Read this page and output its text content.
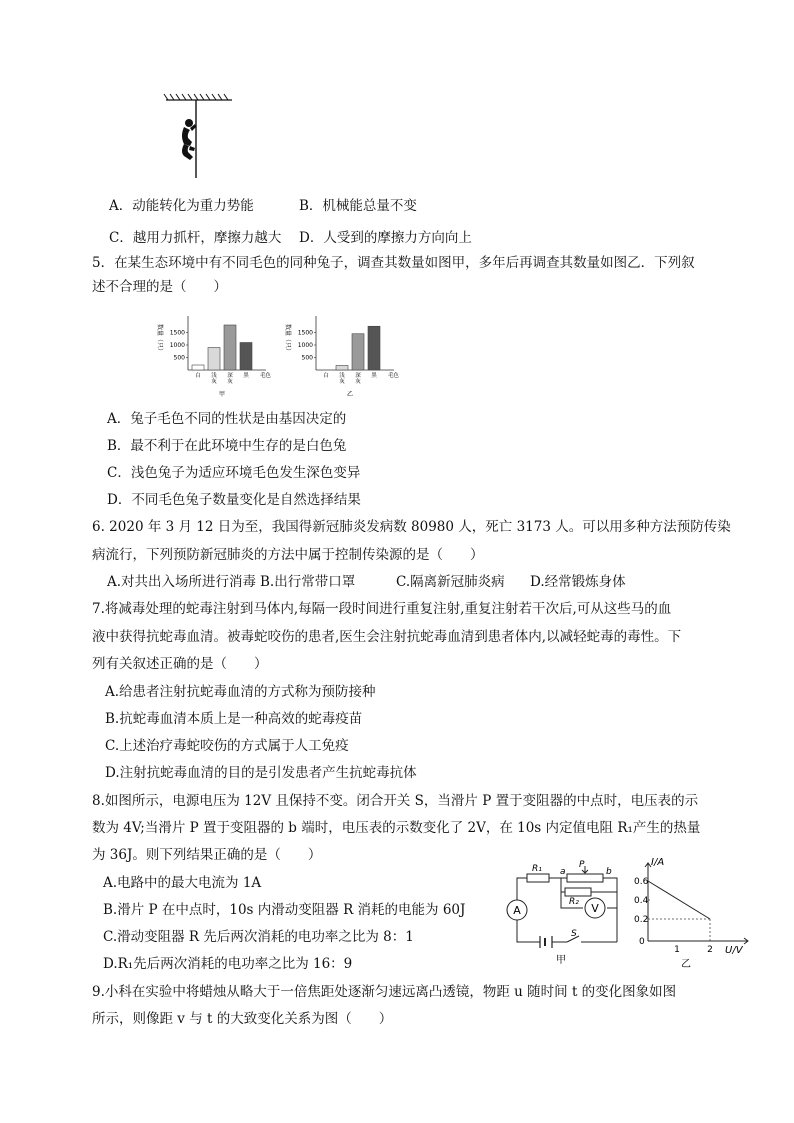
A．动能转化为重力势能	B．机械能总量不变
C．越用力抓杆，摩擦力越大 D．人受到的摩擦力方向向上
5．在某生态环境中有不同毛色的同种兔子，调查其数量如图甲，多年后再调查其数量如图乙．下列叙
述不合理的是（　　）
数量（只） 1500
1000
500
白 浅
灰
深
灰
黑 毛色
甲
数量（只） 1500
1000
500
白 浅
灰
深
灰
黑 毛色
乙
A．兔子毛色不同的性状是由基因决定的
B．最不利于在此环境中生存的是白色兔
C．浅色兔子为适应环境毛色发生深色变异
D．不同毛色兔子数量变化是自然选择结果
6. 2020 年 3 月 12 日为至，我国得新冠肺炎发病数 80980 人，死亡 3173 人。可以用多种方法预防传染
病流行，下列预防新冠肺炎的方法中属于控制传染源的是（　　）
A.对共出入场所进行消毒 B.出行常带口罩	C.隔离新冠肺炎病 D.经常锻炼身体
7.将减毒处理的蛇毒注射到马体内,每隔一段时间进行重复注射,重复注射若干次后,可从这些马的血
液中获得抗蛇毒血清。被毒蛇咬伤的患者,医生会注射抗蛇毒血清到患者体内,以减轻蛇毒的毒性。下
列有关叙述正确的是（　　）
A.给患者注射抗蛇毒血清的方式称为预防接种
B.抗蛇毒血清本质上是一种高效的蛇毒疫苗
C.上述治疗毒蛇咬伤的方式属于人工免疫
D.注射抗蛇毒血清的目的是引发患者产生抗蛇毒抗体
8.如图所示，电源电压为 12V 且保持不变。闭合开关 S，当滑片 P 置于变阻器的中点时，电压表的示
数为 4V;当滑片 P 置于变阻器的 b 端时，电压表的示数变化了 2V，在 10s 内定值电阻 R₁产生的热量
为 36J。则下列结果正确的是（　　）
A.电路中的最大电流为 1A
B.滑片 P 在中点时，10s 内滑动变阻器 R 消耗的电能为 60J
C.滑动变阻器 R 先后两次消耗的电功率之比为 8：1
D.R₁先后两次消耗的电功率之比为 16：9
A	V
R₁ a
P
b
R₂
S
甲
I/A
U/V
0.6
0.4
0.2
0
1	2
乙
9.小科在实验中将蜡烛从略大于一倍焦距处逐渐匀速远离凸透镜，物距 u 随时间 t 的变化图象如图
所示，则像距 v 与 t 的大致变化关系为图（　　）
